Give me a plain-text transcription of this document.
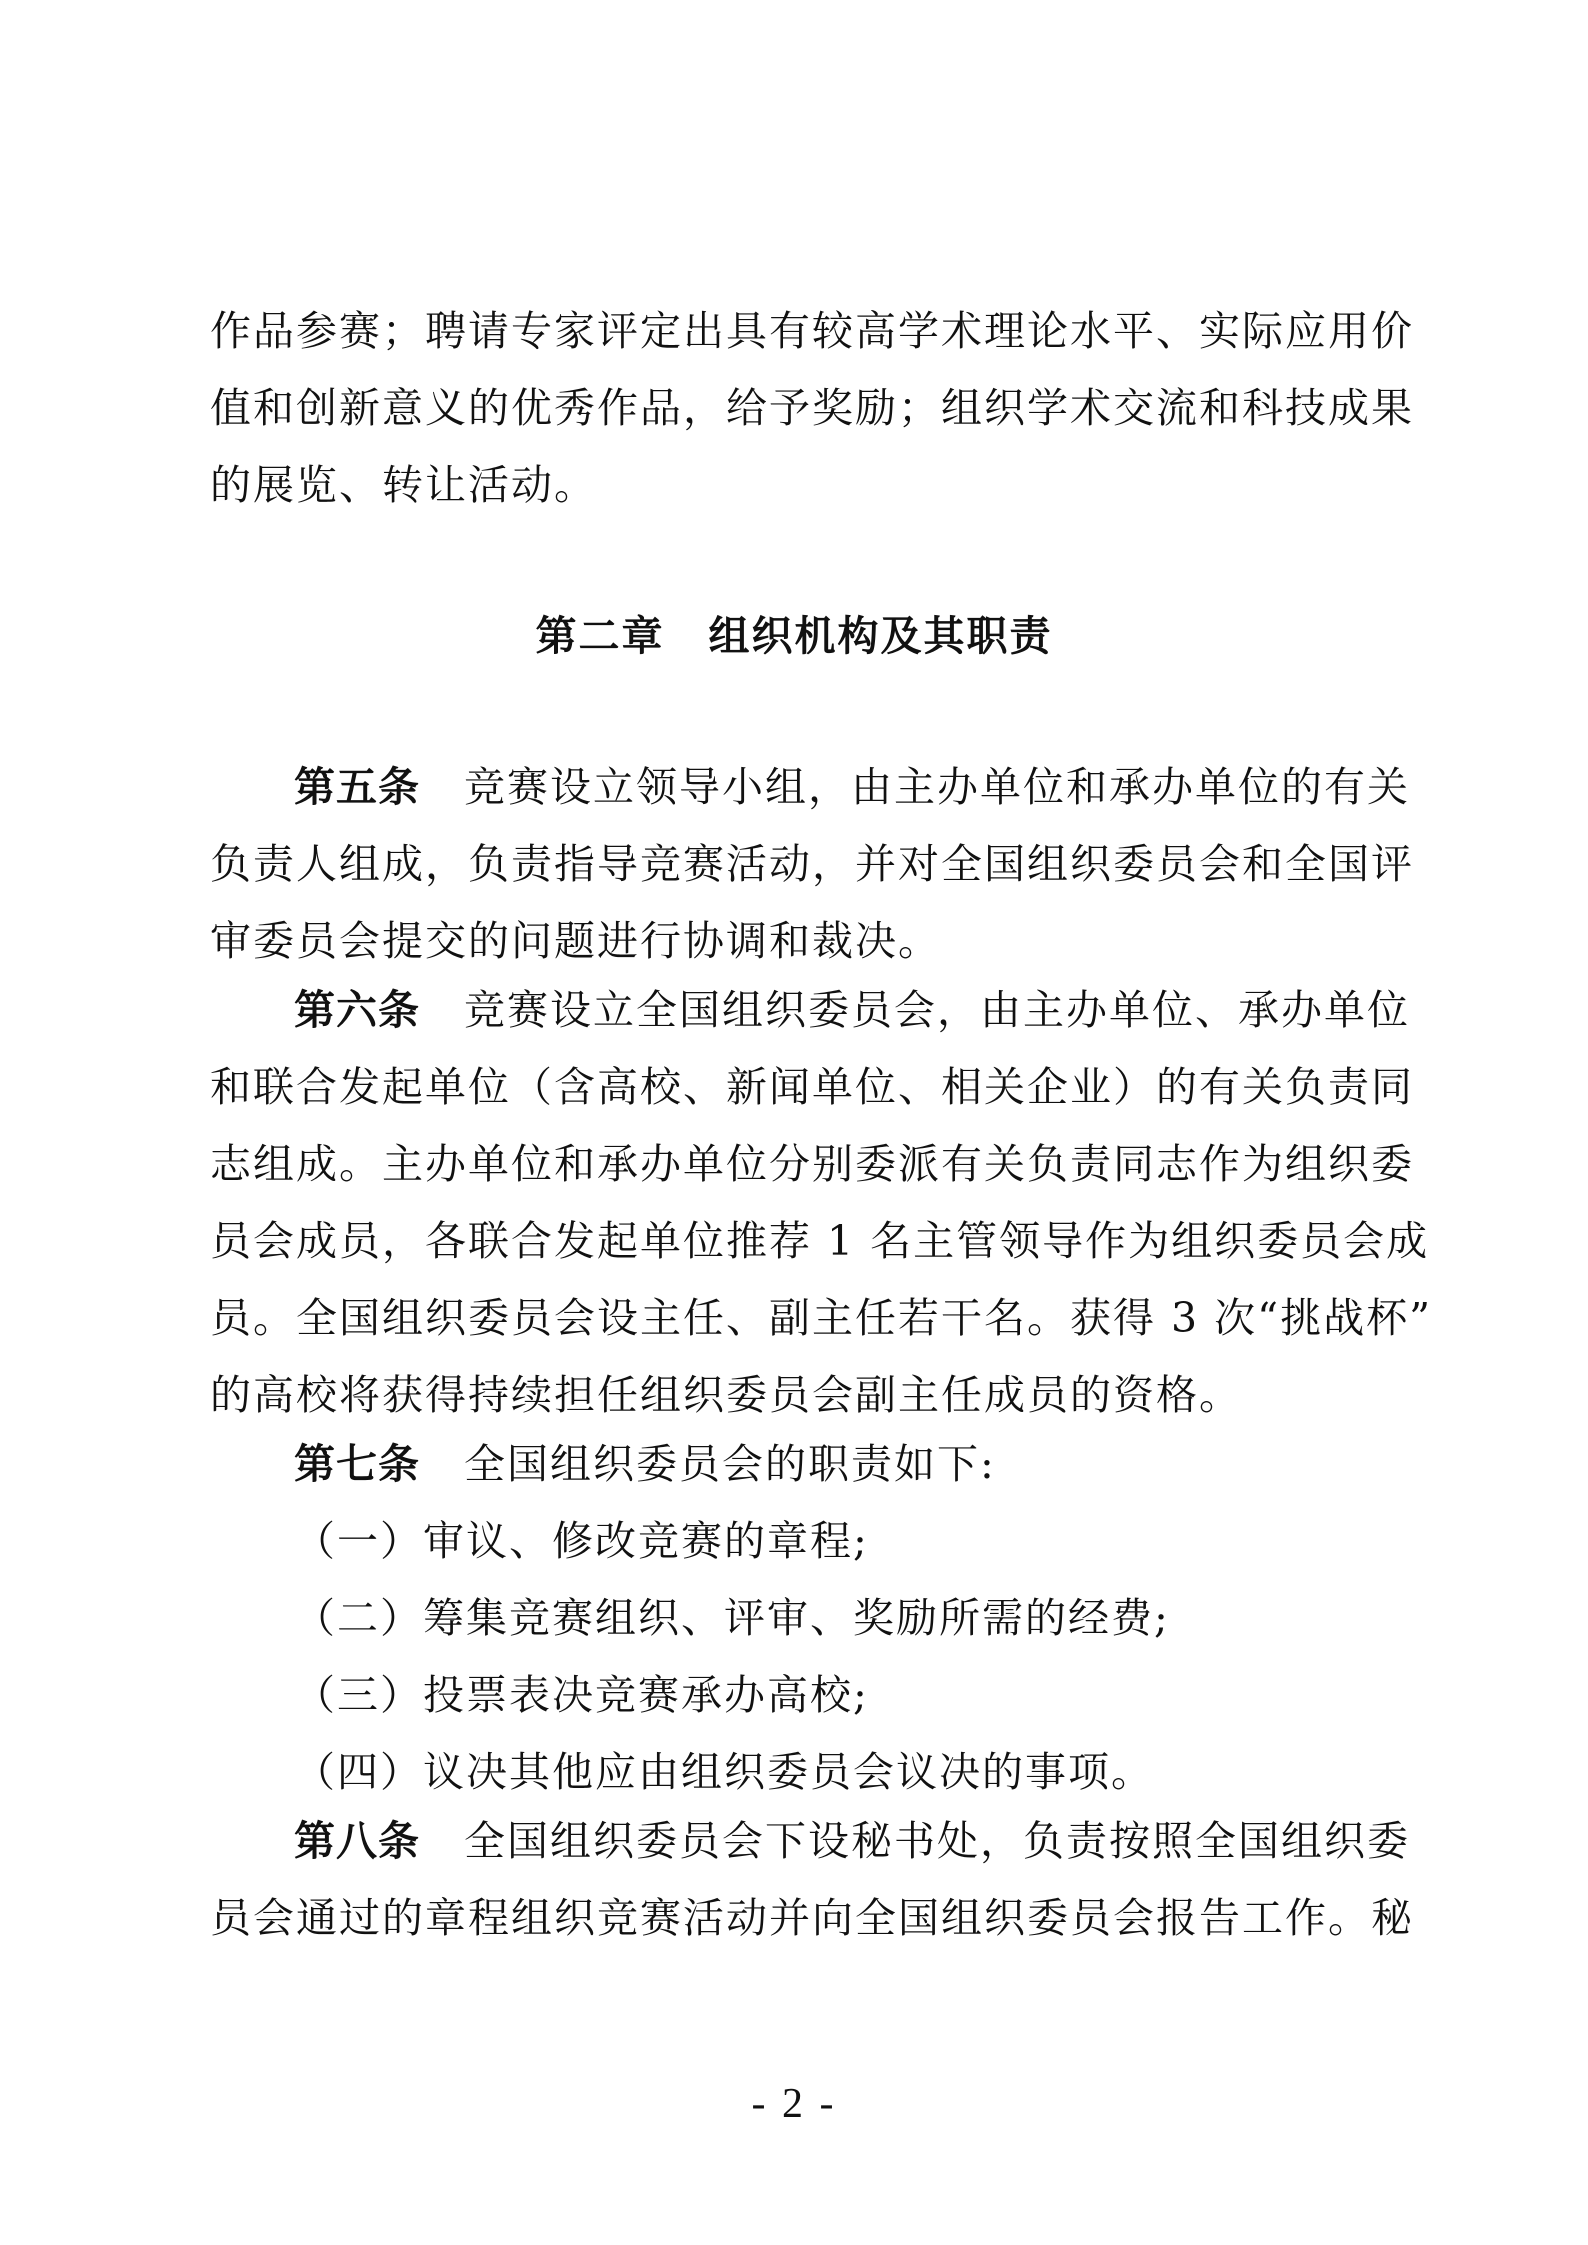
作品参赛；聘请专家评定出具有较高学术理论水平、实际应用价
值和创新意义的优秀作品，给予奖励；组织学术交流和科技成果
的展览、转让活动。
第二章 组织机构及其职责
第五条 竞赛设立领导小组，由主办单位和承办单位的有关
负责人组成，负责指导竞赛活动，并对全国组织委员会和全国评
审委员会提交的问题进行协调和裁决。
第六条 竞赛设立全国组织委员会，由主办单位、承办单位
和联合发起单位（含高校、新闻单位、相关企业）的有关负责同
志组成。主办单位和承办单位分别委派有关负责同志作为组织委
员会成员，各联合发起单位推荐 1 名主管领导作为组织委员会成
员。全国组织委员会设主任、副主任若干名。获得 3 次“挑战杯”
的高校将获得持续担任组织委员会副主任成员的资格。
第七条 全国组织委员会的职责如下:
（一）审议、修改竞赛的章程;
（二）筹集竞赛组织、评审、奖励所需的经费;
（三）投票表决竞赛承办高校;
（四）议决其他应由组织委员会议决的事项。
第八条 全国组织委员会下设秘书处，负责按照全国组织委
员会通过的章程组织竞赛活动并向全国组织委员会报告工作。秘
- 2 -
